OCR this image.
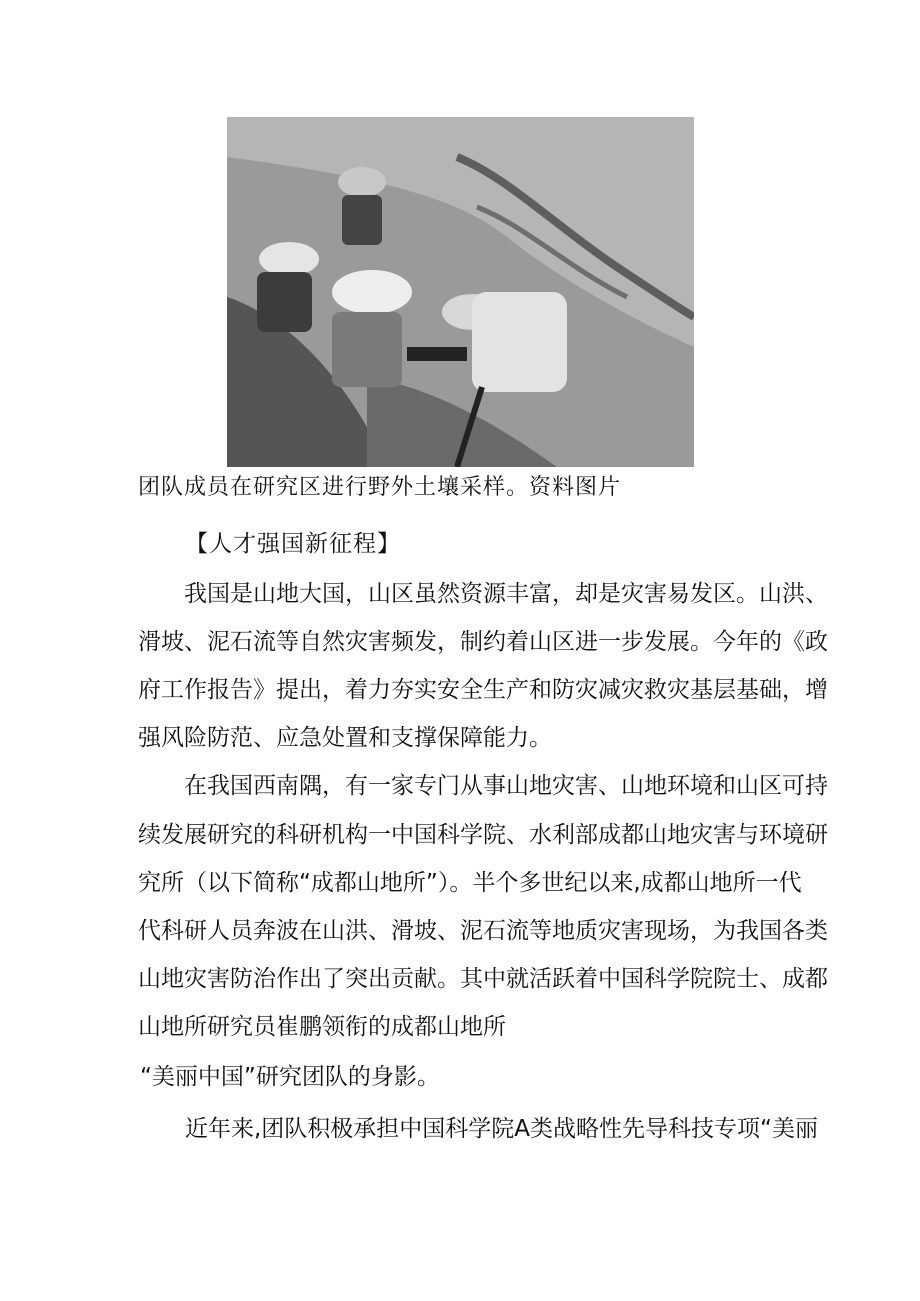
团队成员在研究区进行野外土壤采样。资料图片
【人才强国新征程】
我国是山地大国，山区虽然资源丰富，却是灾害易发区。山洪、
滑坡、泥石流等自然灾害频发，制约着山区进一步发展。今年的《政
府工作报告》提出，着力夯实安全生产和防灾减灾救灾基层基础，增
强风险防范、应急处置和支撑保障能力。
在我国西南隅，有一家专门从事山地灾害、山地环境和山区可持
续发展研究的科研机构一中国科学院、水利部成都山地灾害与环境研
究所（以下简称“成都山地所”）。半个多世纪以来,成都山地所一代
代科研人员奔波在山洪、滑坡、泥石流等地质灾害现场，为我国各类
山地灾害防治作出了突出贡献。其中就活跃着中国科学院院士、成都
山地所研究员崔鹏领衔的成都山地所
“美丽中国”研究团队的身影。
近年来,团队积极承担中国科学院A类战略性先导科技专项“美丽
